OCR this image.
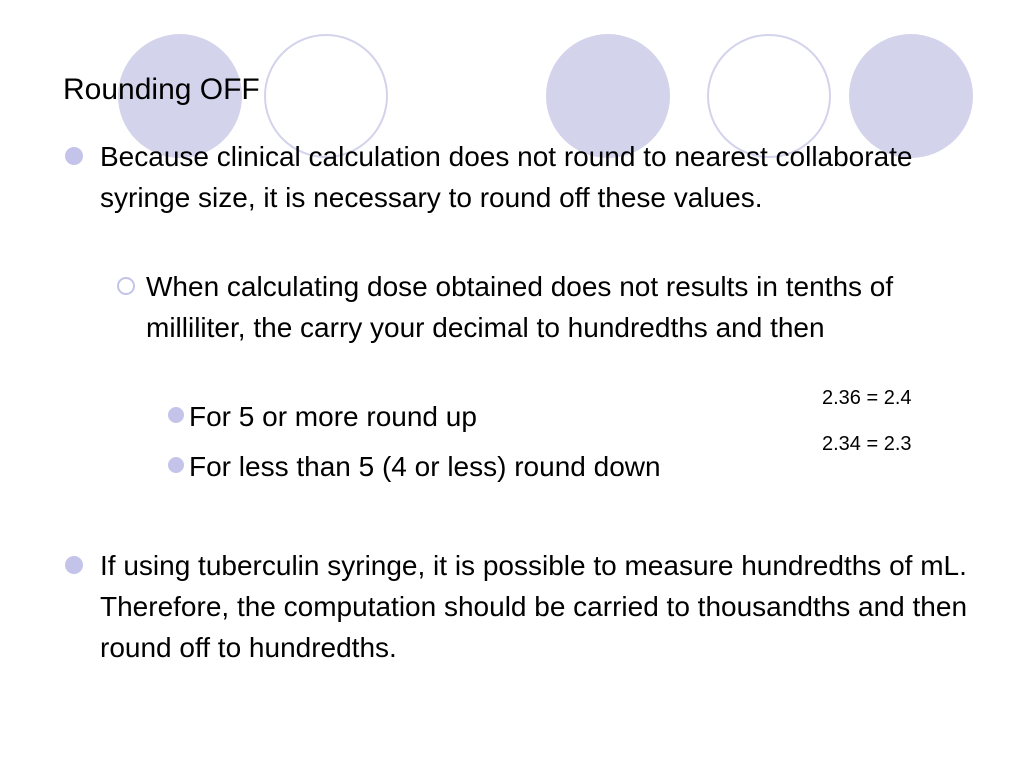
Rounding OFF
Because clinical calculation does not round to nearest collaborate syringe size, it is necessary to round off these values.
When calculating dose obtained does not results in tenths of milliliter, the carry your decimal to hundredths and then
For 5 or more round up
For less than 5 (4 or less) round down
2.36 = 2.4
2.34 = 2.3
If using tuberculin syringe, it is possible to measure hundredths of mL. Therefore, the computation should be carried to thousandths and then round off to hundredths.
